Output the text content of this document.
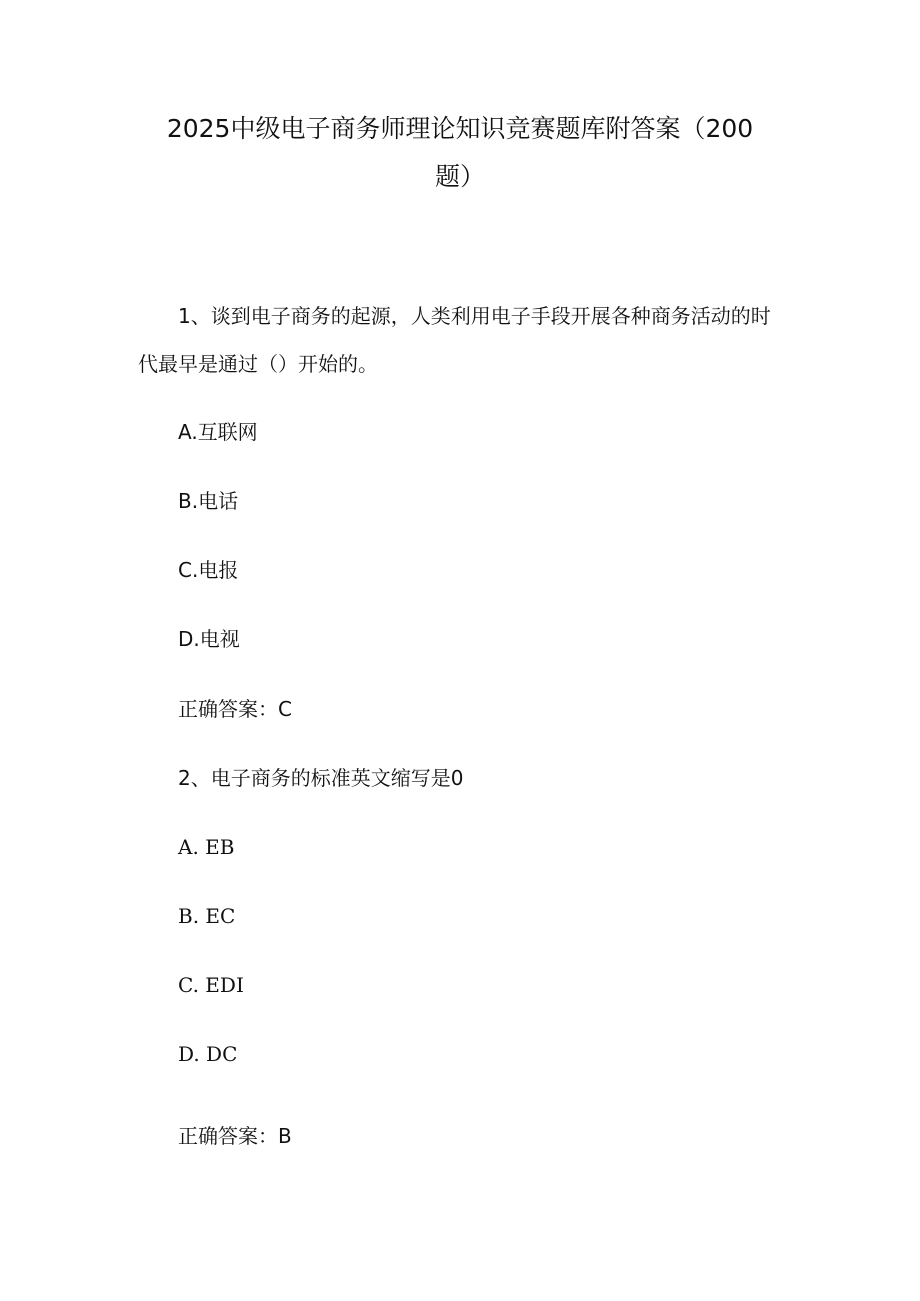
2025中级电子商务师理论知识竞赛题库附答案（200
题）
1、谈到电子商务的起源，人类利用电子手段开展各种商务活动的时
代最早是通过（）开始的。
A.互联网
B.电话
C.电报
D.电视
正确答案：C
2、电子商务的标准英文缩写是0
A. EB
B. EC
C. EDI
D. DC
正确答案：B
